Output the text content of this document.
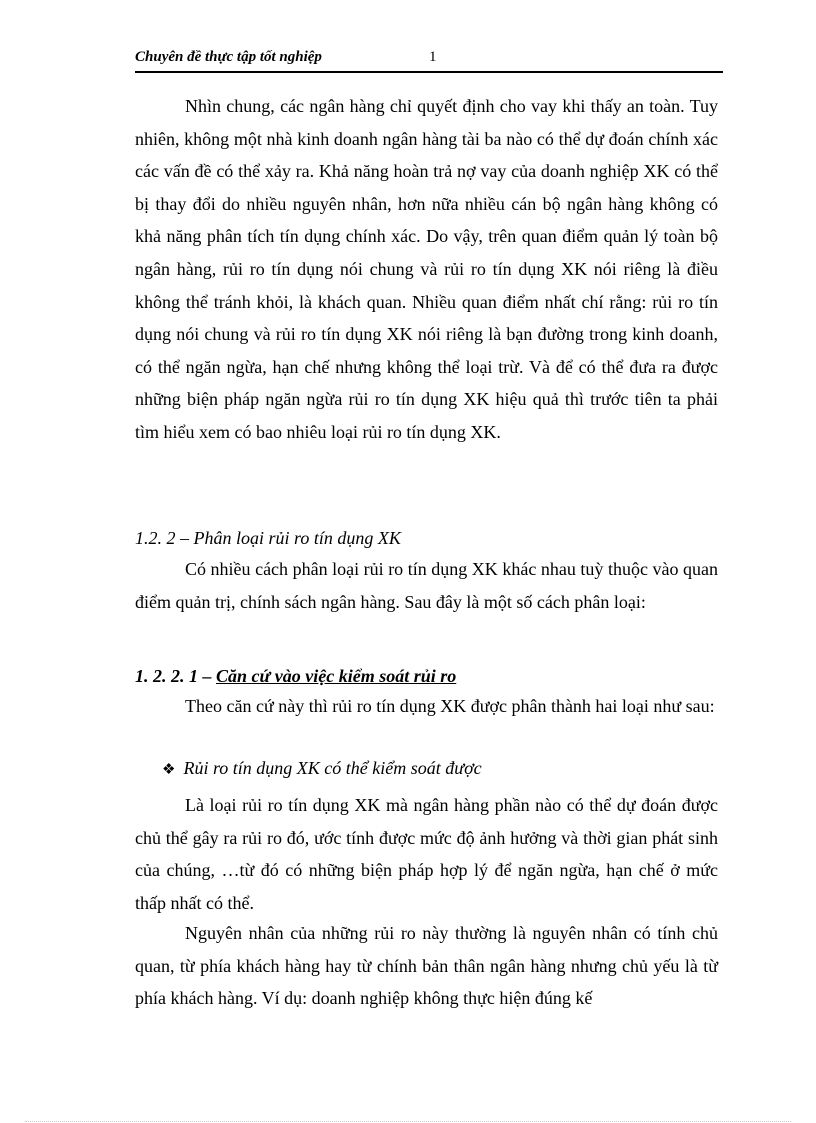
Chuyên đề thực tập tốt nghiệp	1

Nhìn chung, các ngân hàng chỉ quyết định cho vay khi thấy an toàn. Tuy nhiên, không một nhà kinh doanh ngân hàng tài ba nào có thể dự đoán chính xác các vấn đề có thể xảy ra. Khả năng hoàn trả nợ vay của doanh nghiệp XK có thể bị thay đổi do nhiều nguyên nhân, hơn nữa nhiều cán bộ ngân hàng không có khả năng phân tích tín dụng chính xác. Do vậy, trên quan điểm quản lý toàn bộ ngân hàng, rủi ro tín dụng nói chung và rủi ro tín dụng XK nói riêng là điều không thể tránh khỏi, là khách quan. Nhiều quan điểm nhất chí rằng: rủi ro tín dụng nói chung và rủi ro tín dụng XK nói riêng là bạn đường trong kinh doanh, có thể ngăn ngừa, hạn chế nhưng không thể loại trừ. Và để có thể đưa ra được những biện pháp ngăn ngừa rủi ro tín dụng XK hiệu quả thì trước tiên ta phải tìm hiểu xem có bao nhiêu loại rủi ro tín dụng XK.

1.2. 2 – Phân loại rủi ro tín dụng XK

Có nhiều cách phân loại rủi ro tín dụng XK khác nhau tuỳ thuộc vào quan điểm quản trị, chính sách ngân hàng. Sau đây là một số cách phân loại:

1. 2. 2. 1 – Căn cứ vào việc kiểm soát rủi ro

Theo căn cứ này thì rủi ro tín dụng XK được phân thành hai loại như sau:

❖ Rủi ro tín dụng XK có thể kiểm soát được

Là loại rủi ro tín dụng XK mà ngân hàng phần nào có thể dự đoán được chủ thể gây ra rủi ro đó, ước tính được mức độ ảnh hưởng và thời gian phát sinh của chúng, …từ đó có những biện pháp hợp lý để ngăn ngừa, hạn chế ở mức thấp nhất có thể.

Nguyên nhân của những rủi ro này thường là nguyên nhân có tính chủ quan, từ phía khách hàng hay từ chính bản thân ngân hàng nhưng chủ yếu là từ phía khách hàng. Ví dụ: doanh nghiệp không thực hiện đúng kế
